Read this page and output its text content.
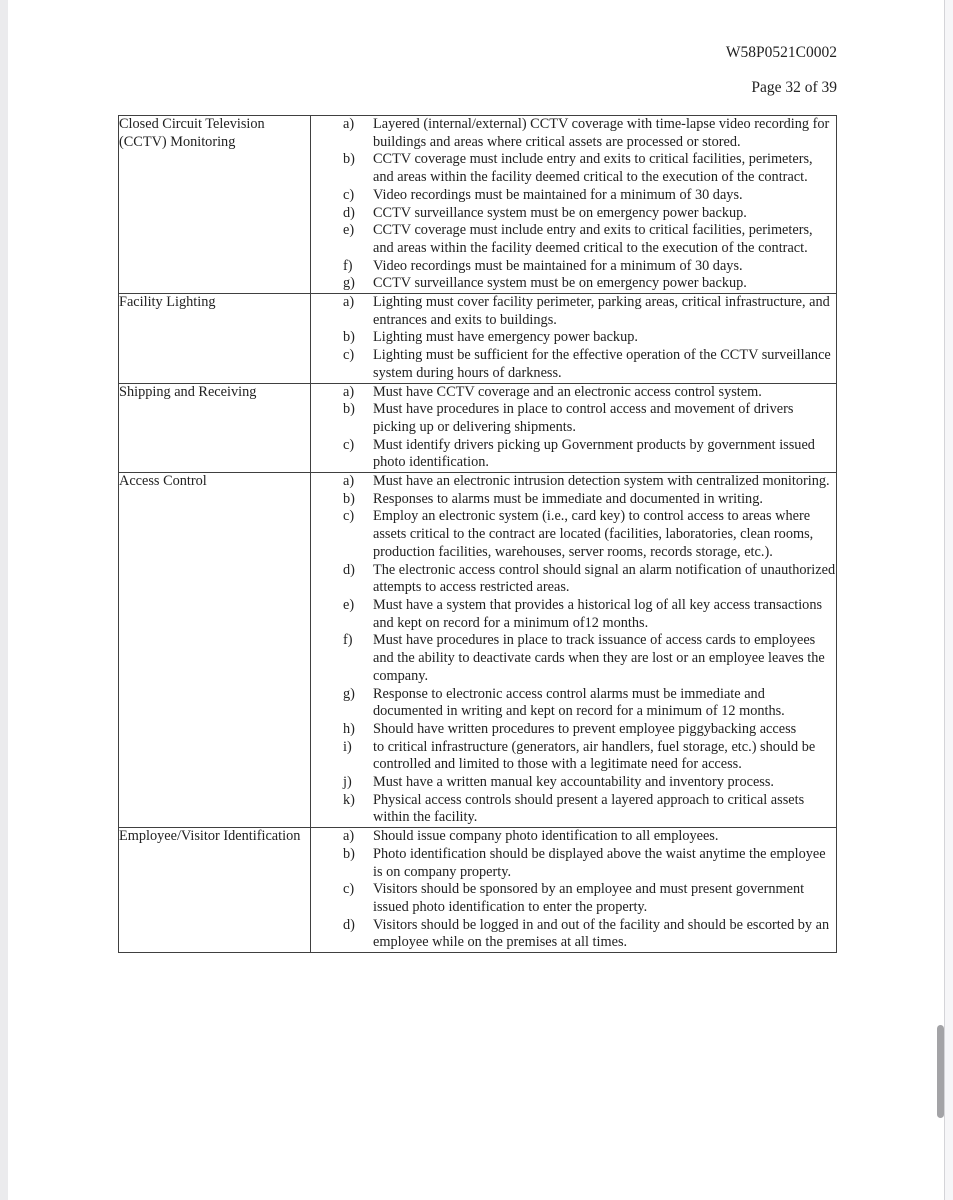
W58P0521C0002
Page 32 of 39
Closed Circuit Television (CCTV) Monitoring	
a)	Layered (internal/external) CCTV coverage with time-lapse video recording for buildings and areas where critical assets are processed or stored.
b)	CCTV coverage must include entry and exits to critical facilities, perimeters, and areas within the facility deemed critical to the execution of the contract.
c)	Video recordings must be maintained for a minimum of 30 days.
d)	CCTV surveillance system must be on emergency power backup.
e)	CCTV coverage must include entry and exits to critical facilities, perimeters, and areas within the facility deemed critical to the execution of the contract.
f)	Video recordings must be maintained for a minimum of 30 days.
g)	CCTV surveillance system must be on emergency power backup.

Facility Lighting	a)	Lighting must cover facility perimeter, parking areas, critical infrastructure, and entrances and exits to buildings.
b)	Lighting must have emergency power backup.
c)	Lighting must be sufficient for the effective operation of the CCTV surveillance system during hours of darkness.

Shipping and Receiving	a)	Must have CCTV coverage and an electronic access control system.
b)	Must have procedures in place to control access and movement of drivers picking up or delivering shipments.
c)	Must identify drivers picking up Government products by government issued photo identification.

Access Control	a)	Must have an electronic intrusion detection system with centralized monitoring.
b)	Responses to alarms must be immediate and documented in writing.
c)	Employ an electronic system (i.e., card key) to control access to areas where assets critical to the contract are located (facilities, laboratories, clean rooms, production facilities, warehouses, server rooms, records storage, etc.).
d)	The electronic access control should signal an alarm notification of unauthorized attempts to access restricted areas.
e)	Must have a system that provides a historical log of all key access transactions and kept on record for a minimum of12 months.
f)	Must have procedures in place to track issuance of access cards to employees and the ability to deactivate cards when they are lost or an employee leaves the company.
g)	Response to electronic access control alarms must be immediate and documented in writing and kept on record for a minimum of 12 months.
h)	Should have written procedures to prevent employee piggybacking access
i)	to critical infrastructure (generators, air handlers, fuel storage, etc.) should be controlled and limited to those with a legitimate need for access.
j)	Must have a written manual key accountability and inventory process.
k)	Physical access controls should present a layered approach to critical assets within the facility.

Employee/Visitor Identification	a)	Should issue company photo identification to all employees.
b)	Photo identification should be displayed above the waist anytime the employee is on company property.
c)	Visitors should be sponsored by an employee and must present government issued photo identification to enter the property.
d)	Visitors should be logged in and out of the facility and should be escorted by an employee while on the premises at all times.
